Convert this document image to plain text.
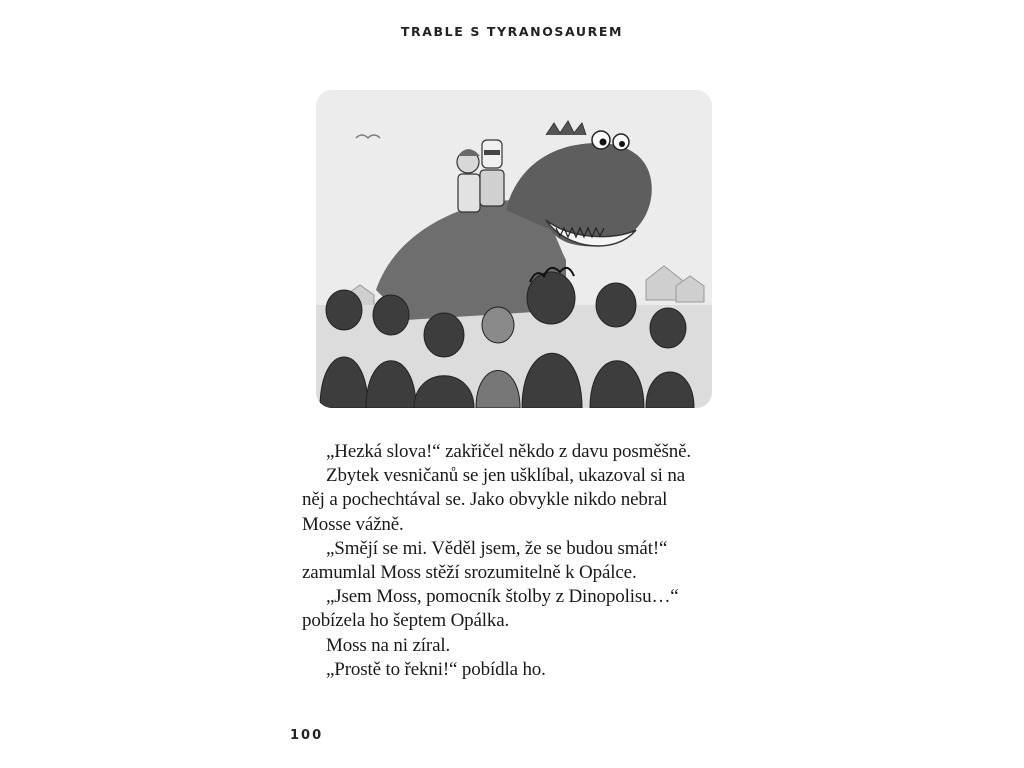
TRABLE S TYRANOSAUREM

„Hezká slova!“ zakřičel někdo z davu posměšně.

Zbytek vesničanů se jen ušklíbal, ukazoval si na
něj a pochechtával se. Jako obvykle nikdo nebral
Mosse vážně.

„Smějí se mi. Věděl jsem, že se budou smát!“
zamumlal Moss stěží srozumitelně k Opálce.

„Jsem Moss, pomocník štolby z Dinopolisu…“
pobízela ho šeptem Opálka.

Moss na ni zíral.

„Prostě to řekni!“ pobídla ho.

100
